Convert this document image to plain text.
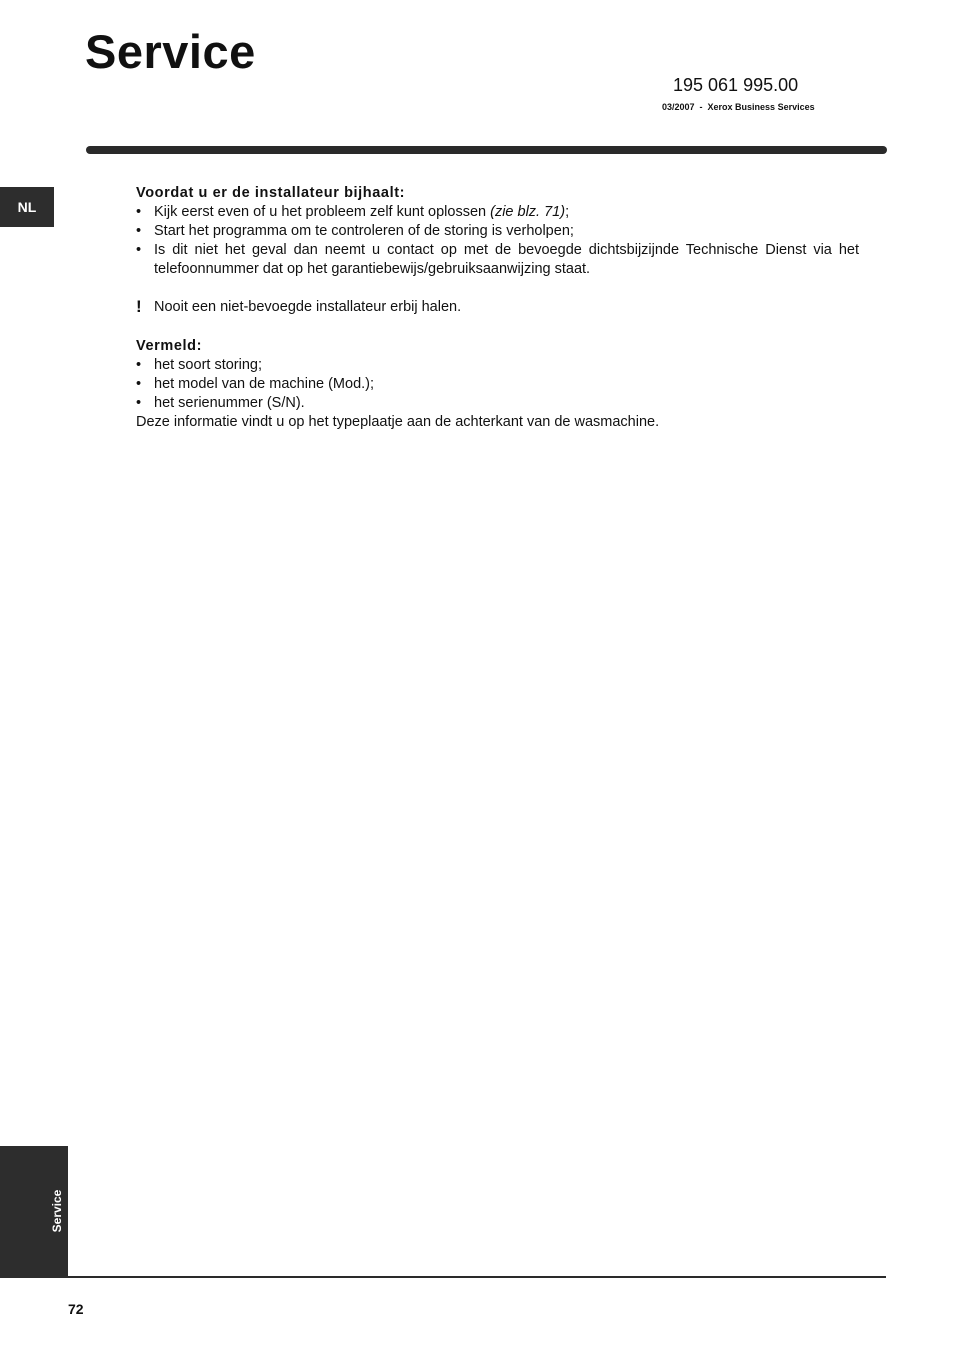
Service
195 061 995.00
03/2007  -  Xerox Business Services
NL
Voordat u er de installateur bijhaalt:
• Kijk eerst even of u het probleem zelf kunt oplossen (zie blz. 71);
• Start het programma om te controleren of de storing is verholpen;
• Is dit niet het geval dan neemt u contact op met de bevoegde dichtsbijzijnde Technische Dienst via het telefoonnummer dat op het garantiebewijs/gebruiksaanwijzing staat.
! Nooit een niet-bevoegde installateur erbij halen.
Vermeld:
• het soort storing;
• het model van de machine (Mod.);
• het serienummer (S/N).
Deze informatie vindt u op het typeplaatje aan de achterkant van de wasmachine.
Service
72
